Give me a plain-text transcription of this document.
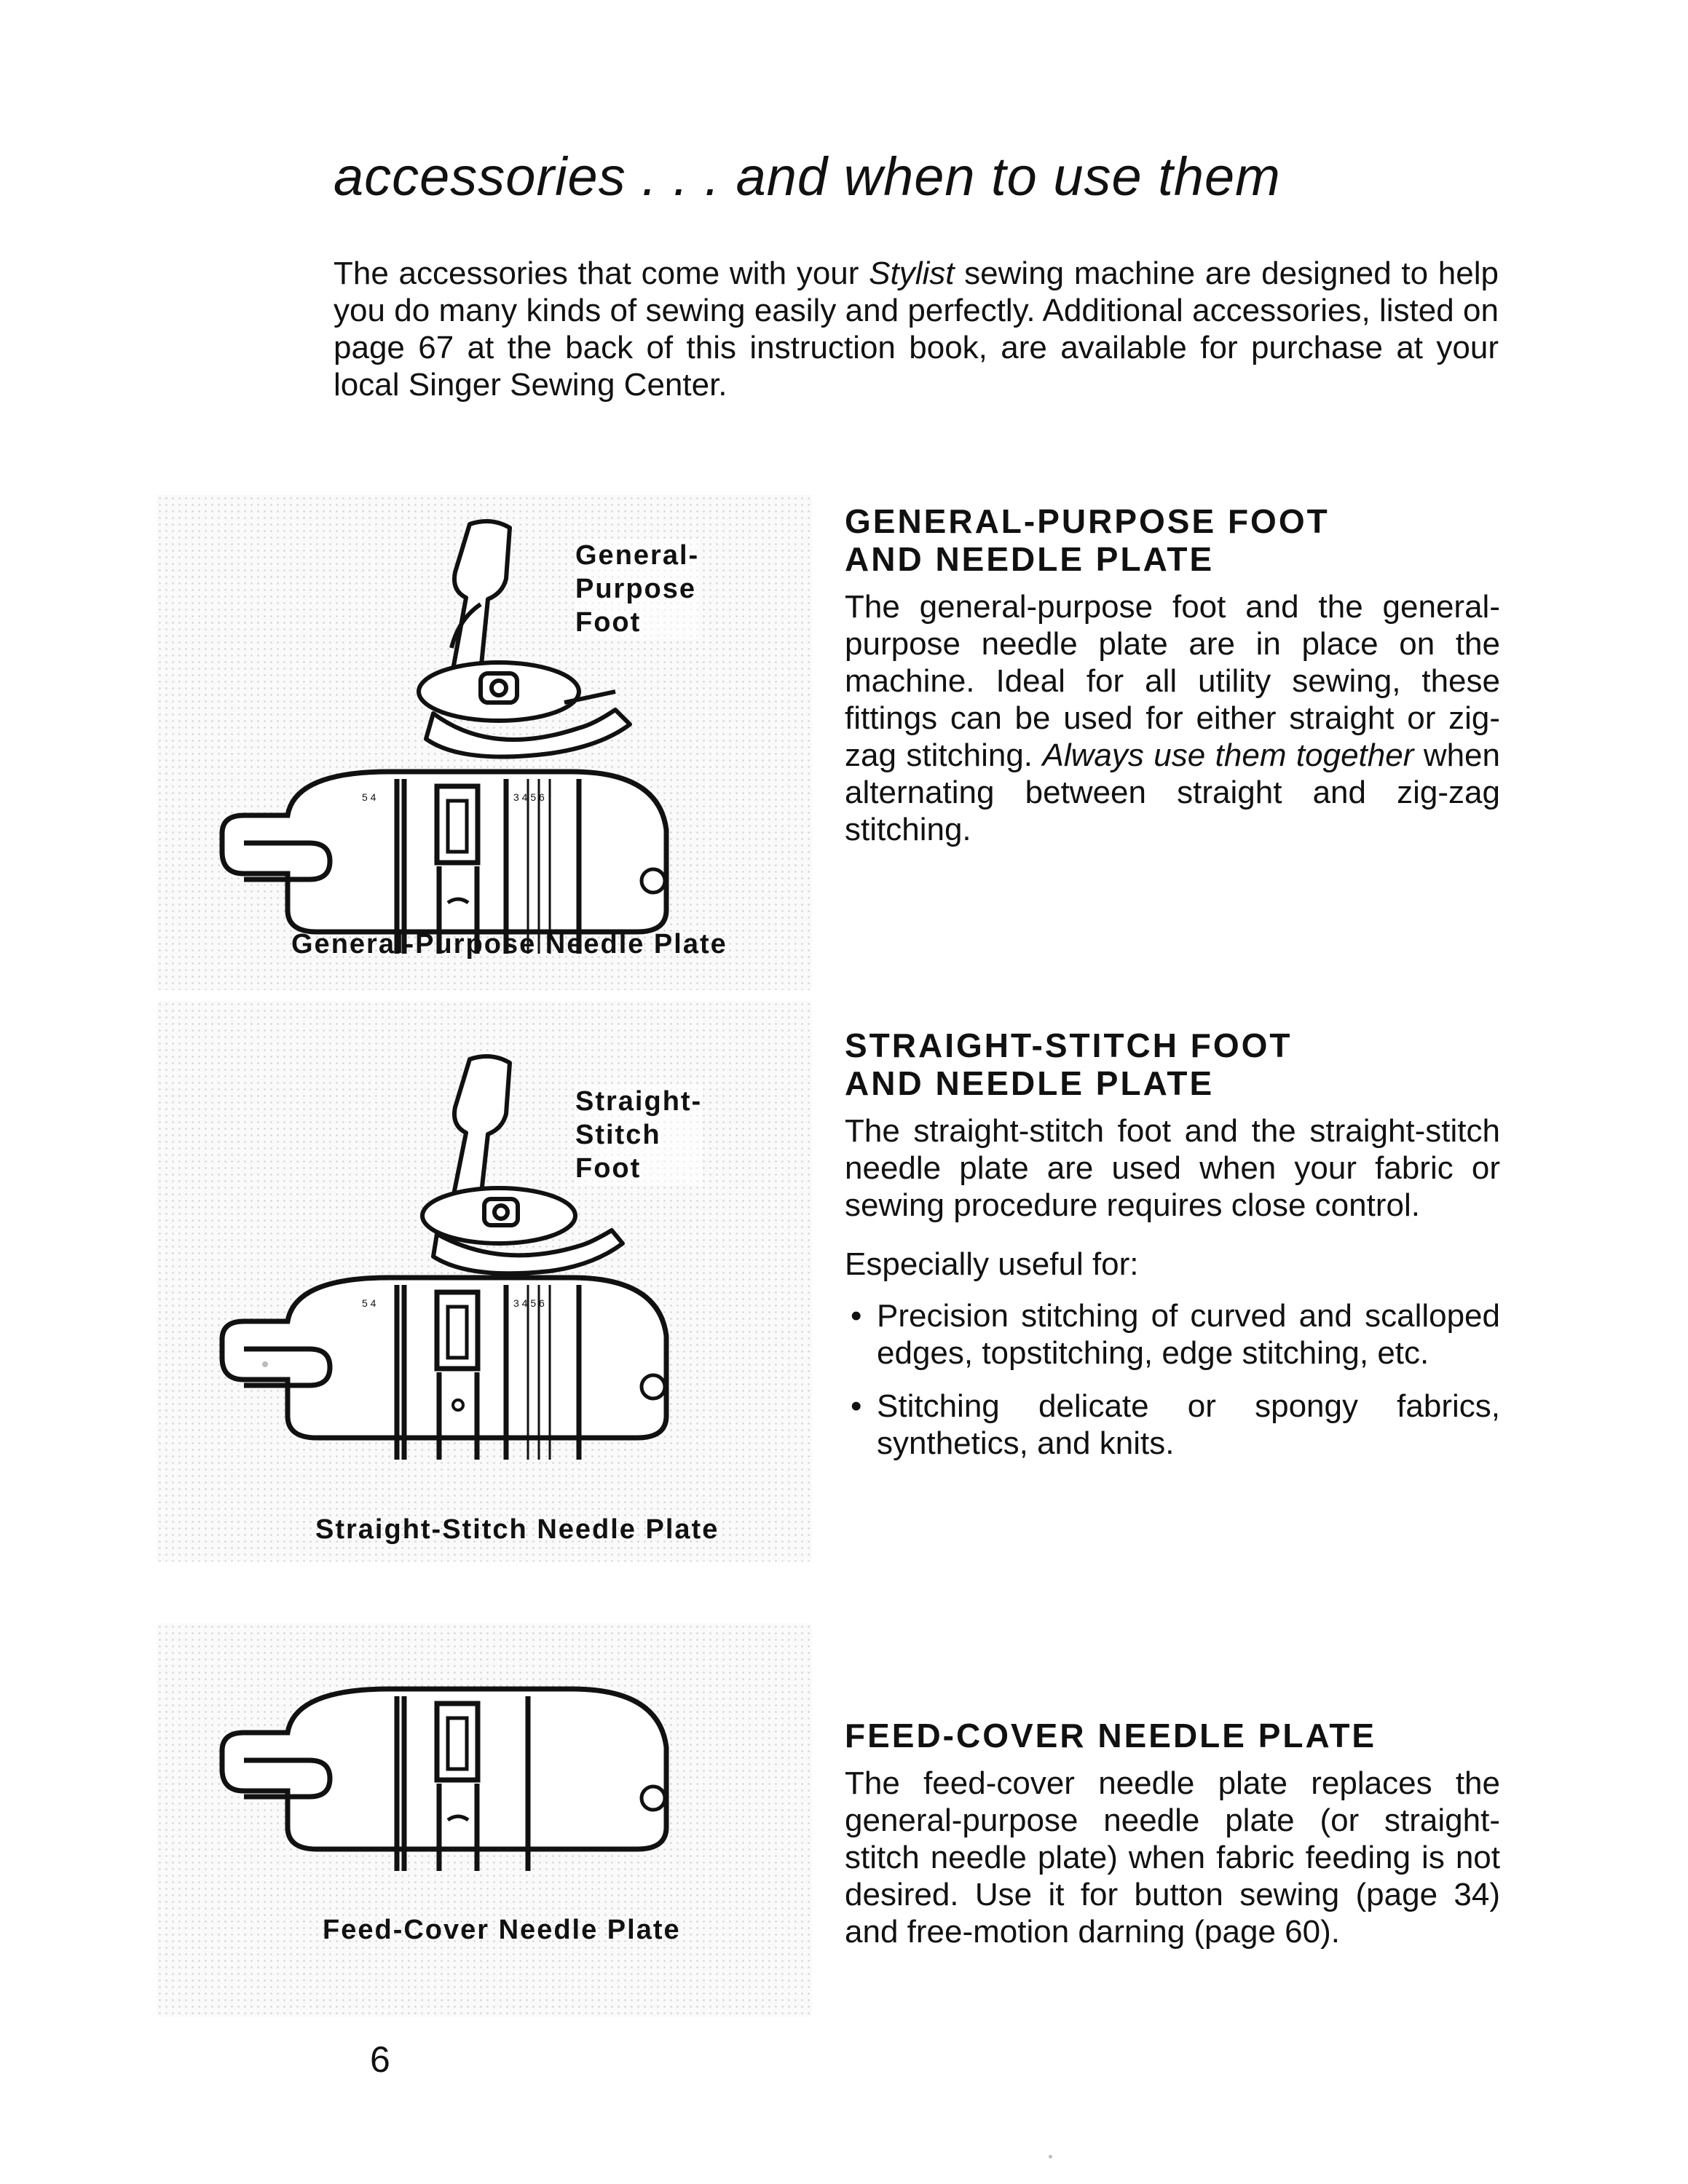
accessories . . . and when to use them

The accessories that come with your Stylist sewing machine are designed to help you do many kinds of sewing easily and perfectly. Additional accessories, listed on page 67 at the back of this instruction book, are available for purchase at your local Singer Sewing Center.

5 4	3 4 5 6

General-
Purpose
Foot

General-Purpose Needle Plate

GENERAL-PURPOSE FOOT
AND NEEDLE PLATE

The general-purpose foot and the general-purpose needle plate are in place on the machine. Ideal for all utility sewing, these fittings can be used for either straight or zig-zag stitching. Always use them together when alternating between straight and zig-zag stitching.

5 4	3 4 5 6

Straight-
Stitch
Foot

Straight-Stitch Needle Plate

STRAIGHT-STITCH FOOT
AND NEEDLE PLATE

The straight-stitch foot and the straight-stitch needle plate are used when your fabric or sewing procedure requires close control.

Especially useful for:

• Precision stitching of curved and scalloped edges, topstitching, edge stitching, etc.
• Stitching delicate or spongy fabrics, synthetics, and knits.

Feed-Cover Needle Plate

FEED-COVER NEEDLE PLATE

The feed-cover needle plate replaces the general-purpose needle plate (or straight-stitch needle plate) when fabric feeding is not desired. Use it for button sewing (page 34) and free-motion darning (page 60).

6
